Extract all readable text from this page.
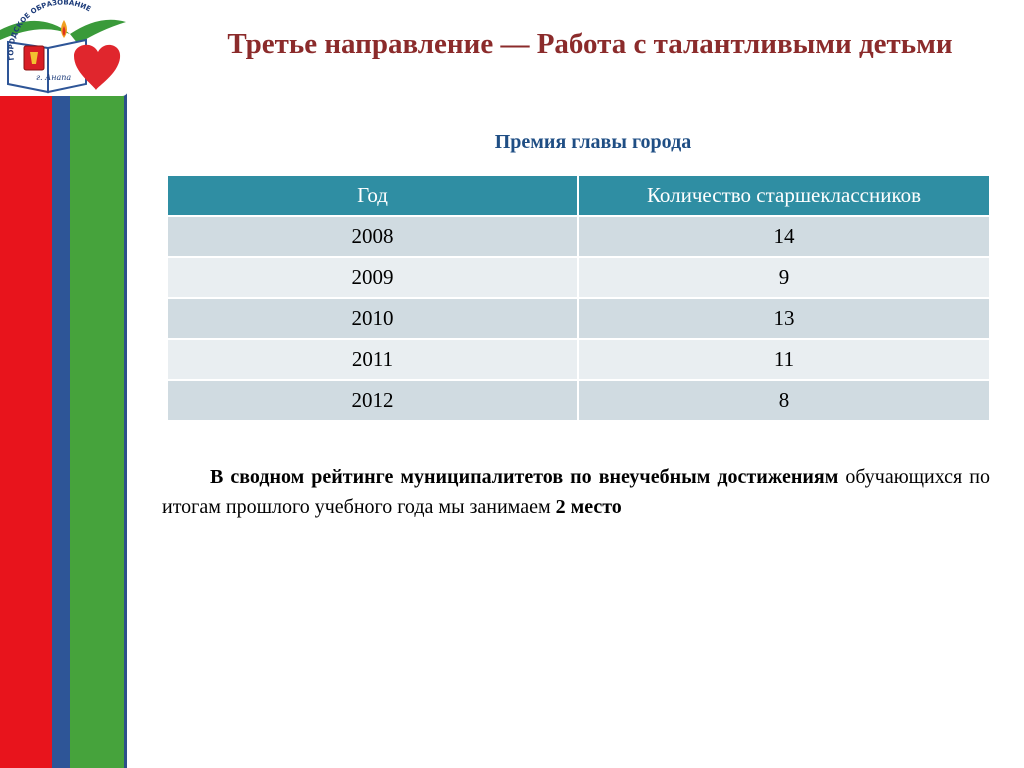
ГОРОДСКОЕ ОБРАЗОВАНИЕ
г. Анапа
Третье направление — Работа с талантливыми детьми
Премия главы города
Год	Количество старшеклассников
2008	14
2009	9
2010	13
2011	11
2012	8
В сводном рейтинге муниципалитетов по внеучебным достижениям обучающихся по итогам прошлого учебного года мы занимаем 2 место
